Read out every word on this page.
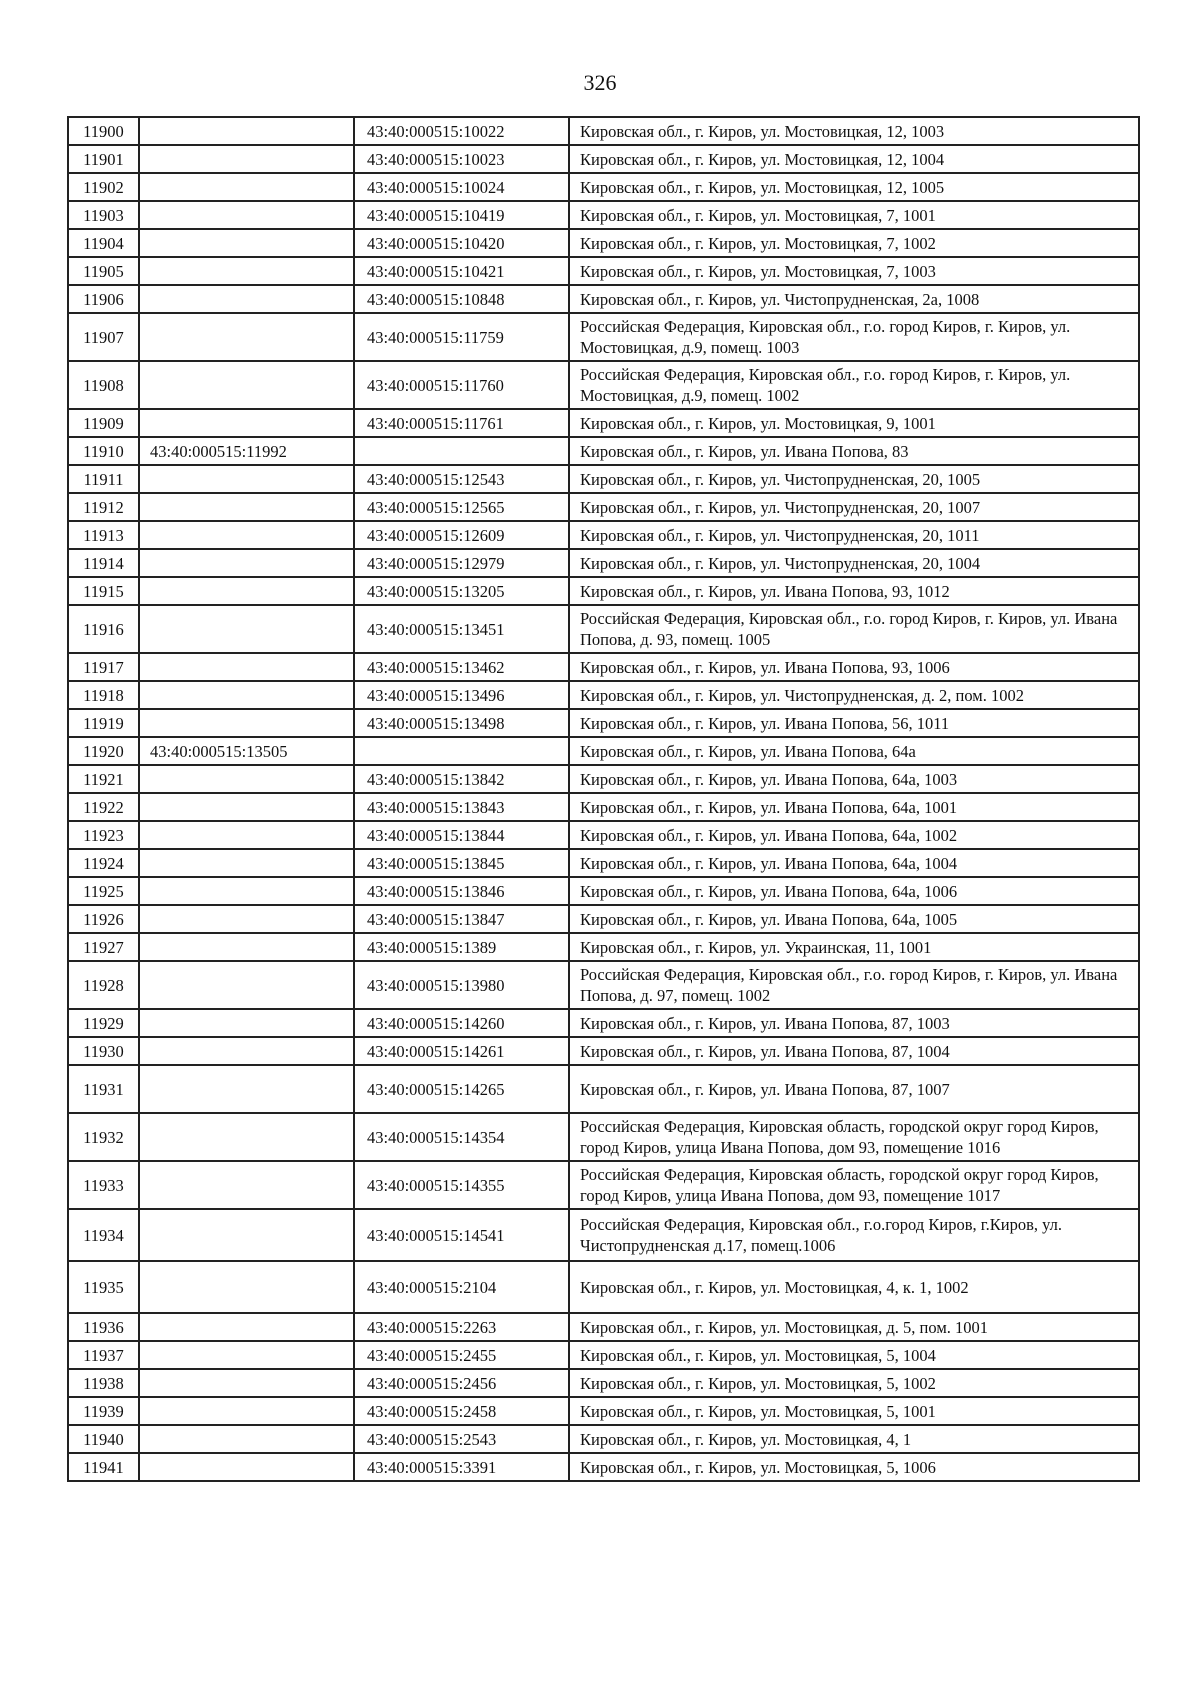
326
11900		43:40:000515:10022	Кировская обл., г. Киров, ул. Мостовицкая, 12, 1003
11901		43:40:000515:10023	Кировская обл., г. Киров, ул. Мостовицкая, 12, 1004
11902		43:40:000515:10024	Кировская обл., г. Киров, ул. Мостовицкая, 12, 1005
11903		43:40:000515:10419	Кировская обл., г. Киров, ул. Мостовицкая, 7, 1001
11904		43:40:000515:10420	Кировская обл., г. Киров, ул. Мостовицкая, 7, 1002
11905		43:40:000515:10421	Кировская обл., г. Киров, ул. Мостовицкая, 7, 1003
11906		43:40:000515:10848	Кировская обл., г. Киров, ул. Чистопрудненская, 2а, 1008
11907		43:40:000515:11759	Российская Федерация, Кировская обл., г.о. город Киров, г. Киров, ул. Мостовицкая, д.9, помещ. 1003
11908		43:40:000515:11760	Российская Федерация, Кировская обл., г.о. город Киров, г. Киров, ул. Мостовицкая, д.9, помещ. 1002
11909		43:40:000515:11761	Кировская обл., г. Киров, ул. Мостовицкая, 9, 1001
11910	43:40:000515:11992		Кировская обл., г. Киров, ул. Ивана Попова, 83
11911		43:40:000515:12543	Кировская обл., г. Киров, ул. Чистопрудненская, 20, 1005
11912		43:40:000515:12565	Кировская обл., г. Киров, ул. Чистопрудненская, 20, 1007
11913		43:40:000515:12609	Кировская обл., г. Киров, ул. Чистопрудненская, 20, 1011
11914		43:40:000515:12979	Кировская обл., г. Киров, ул. Чистопрудненская, 20, 1004
11915		43:40:000515:13205	Кировская обл., г. Киров, ул. Ивана Попова, 93, 1012
11916		43:40:000515:13451	Российская Федерация, Кировская обл., г.о. город Киров, г. Киров, ул. Ивана Попова, д. 93, помещ. 1005
11917		43:40:000515:13462	Кировская обл., г. Киров, ул. Ивана Попова, 93, 1006
11918		43:40:000515:13496	Кировская обл., г. Киров, ул. Чистопрудненская, д. 2, пом. 1002
11919		43:40:000515:13498	Кировская обл., г. Киров, ул. Ивана Попова, 56, 1011
11920	43:40:000515:13505		Кировская обл., г. Киров, ул. Ивана Попова, 64а
11921		43:40:000515:13842	Кировская обл., г. Киров, ул. Ивана Попова, 64а, 1003
11922		43:40:000515:13843	Кировская обл., г. Киров, ул. Ивана Попова, 64а, 1001
11923		43:40:000515:13844	Кировская обл., г. Киров, ул. Ивана Попова, 64а, 1002
11924		43:40:000515:13845	Кировская обл., г. Киров, ул. Ивана Попова, 64а, 1004
11925		43:40:000515:13846	Кировская обл., г. Киров, ул. Ивана Попова, 64а, 1006
11926		43:40:000515:13847	Кировская обл., г. Киров, ул. Ивана Попова, 64а, 1005
11927		43:40:000515:1389	Кировская обл., г. Киров, ул. Украинская, 11, 1001
11928		43:40:000515:13980	Российская Федерация, Кировская обл., г.о. город Киров, г. Киров, ул. Ивана Попова, д. 97, помещ. 1002
11929		43:40:000515:14260	Кировская обл., г. Киров, ул. Ивана Попова, 87, 1003
11930		43:40:000515:14261	Кировская обл., г. Киров, ул. Ивана Попова, 87, 1004
11931		43:40:000515:14265	Кировская обл., г. Киров, ул. Ивана Попова, 87, 1007
11932		43:40:000515:14354	Российская Федерация, Кировская область, городской округ город Киров, город Киров, улица Ивана Попова, дом 93, помещение 1016
11933		43:40:000515:14355	Российская Федерация, Кировская область, городской округ город Киров, город Киров, улица Ивана Попова, дом 93, помещение 1017
11934		43:40:000515:14541	Российская Федерация, Кировская обл., г.о.город Киров, г.Киров, ул. Чистопрудненская д.17, помещ.1006
11935		43:40:000515:2104	Кировская обл., г. Киров, ул. Мостовицкая, 4, к. 1, 1002
11936		43:40:000515:2263	Кировская обл., г. Киров, ул. Мостовицкая, д. 5, пом. 1001
11937		43:40:000515:2455	Кировская обл., г. Киров, ул. Мостовицкая, 5, 1004
11938		43:40:000515:2456	Кировская обл., г. Киров, ул. Мостовицкая, 5, 1002
11939		43:40:000515:2458	Кировская обл., г. Киров, ул. Мостовицкая, 5, 1001
11940		43:40:000515:2543	Кировская обл., г. Киров, ул. Мостовицкая, 4, 1
11941		43:40:000515:3391	Кировская обл., г. Киров, ул. Мостовицкая, 5, 1006
